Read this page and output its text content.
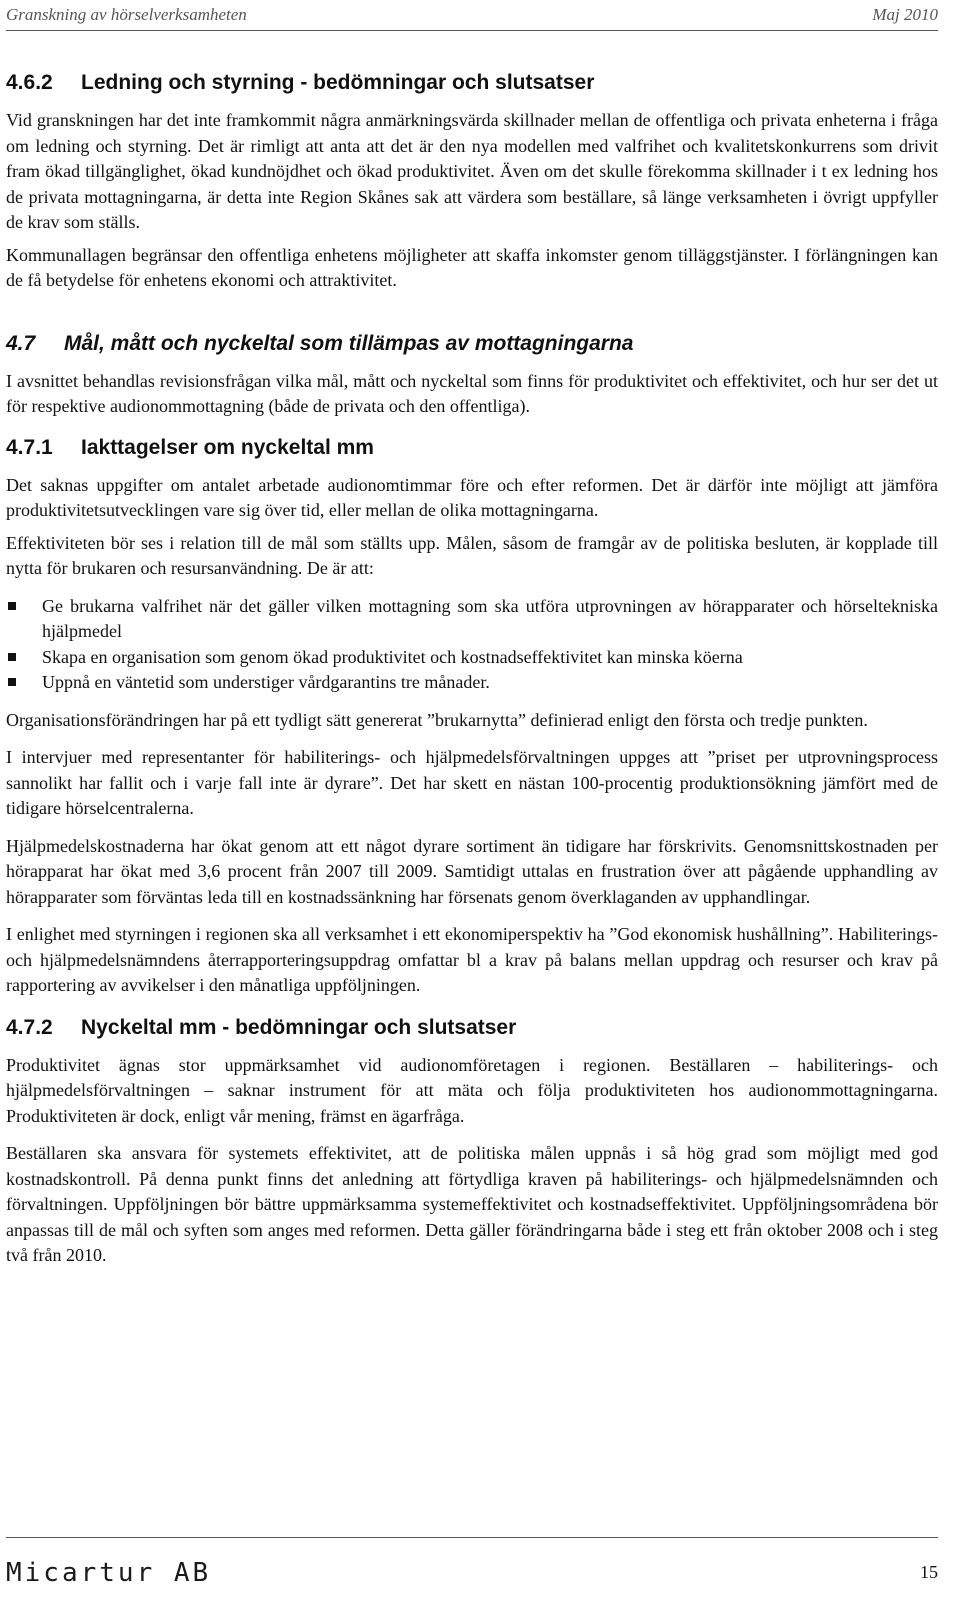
Granskning av hörselverksamheten	Maj 2010
4.6.2 Ledning och styrning - bedömningar och slutsatser

Vid granskningen har det inte framkommit några anmärkningsvärda skillnader mellan de offentliga och privata enheterna i fråga om ledning och styrning. Det är rimligt att anta att det är den nya modellen med valfrihet och kvalitetskonkurrens som drivit fram ökad tillgänglighet, ökad kundnöjdhet och ökad produktivitet. Även om det skulle förekomma skillnader i t ex ledning hos de privata mottagningarna, är detta inte Region Skånes sak att värdera som beställare, så länge verksamheten i övrigt uppfyller de krav som ställs.

Kommunallagen begränsar den offentliga enhetens möjligheter att skaffa inkomster genom tilläggstjänster. I förlängningen kan de få betydelse för enhetens ekonomi och attraktivitet.

4.7 Mål, mått och nyckeltal som tillämpas av mottagningarna

I avsnittet behandlas revisionsfrågan vilka mål, mått och nyckeltal som finns för produktivitet och effektivitet, och hur ser det ut för respektive audionommottagning (både de privata och den offentliga).

4.7.1 Iakttagelser om nyckeltal mm

Det saknas uppgifter om antalet arbetade audionomtimmar före och efter reformen. Det är därför inte möjligt att jämföra produktivitetsutvecklingen vare sig över tid, eller mellan de olika mottagningarna.

Effektiviteten bör ses i relation till de mål som ställts upp. Målen, såsom de framgår av de politiska besluten, är kopplade till nytta för brukaren och resursanvändning. De är att:

Ge brukarna valfrihet när det gäller vilken mottagning som ska utföra utprovningen av hörapparater och hörseltekniska hjälpmedel
Skapa en organisation som genom ökad produktivitet och kostnadseffektivitet kan minska köerna
Uppnå en väntetid som understiger vårdgarantins tre månader.

Organisationsförändringen har på ett tydligt sätt genererat ”brukarnytta” definierad enligt den första och tredje punkten.

I intervjuer med representanter för habiliterings- och hjälpmedelsförvaltningen uppges att ”priset per utprovningsprocess sannolikt har fallit och i varje fall inte är dyrare”. Det har skett en nästan 100-procentig produktionsökning jämfört med de tidigare hörselcentralerna.

Hjälpmedelskostnaderna har ökat genom att ett något dyrare sortiment än tidigare har förskrivits. Genomsnittskostnaden per hörapparat har ökat med 3,6 procent från 2007 till 2009. Samtidigt uttalas en frustration över att pågående upphandling av hörapparater som förväntas leda till en kostnadssänkning har försenats genom överklaganden av upphandlingar.

I enlighet med styrningen i regionen ska all verksamhet i ett ekonomiperspektiv ha ”God ekonomisk hushållning”. Habiliterings- och hjälpmedelsnämndens återrapporteringsuppdrag omfattar bl a krav på balans mellan uppdrag och resurser och krav på rapportering av avvikelser i den månatliga uppföljningen.

4.7.2 Nyckeltal mm - bedömningar och slutsatser

Produktivitet ägnas stor uppmärksamhet vid audionomföretagen i regionen. Beställaren – habiliterings- och hjälpmedelsförvaltningen – saknar instrument för att mäta och följa produktiviteten hos audionommottagningarna. Produktiviteten är dock, enligt vår mening, främst en ägarfråga.

Beställaren ska ansvara för systemets effektivitet, att de politiska målen uppnås i så hög grad som möjligt med god kostnadskontroll. På denna punkt finns det anledning att förtydliga kraven på habiliterings- och hjälpmedelsnämnden och förvaltningen. Uppföljningen bör bättre uppmärksamma systemeffektivitet och kostnadseffektivitet. Uppföljningsområdena bör anpassas till de mål och syften som anges med reformen. Detta gäller förändringarna både i steg ett från oktober 2008 och i steg två från 2010.

Micartur AB	15
